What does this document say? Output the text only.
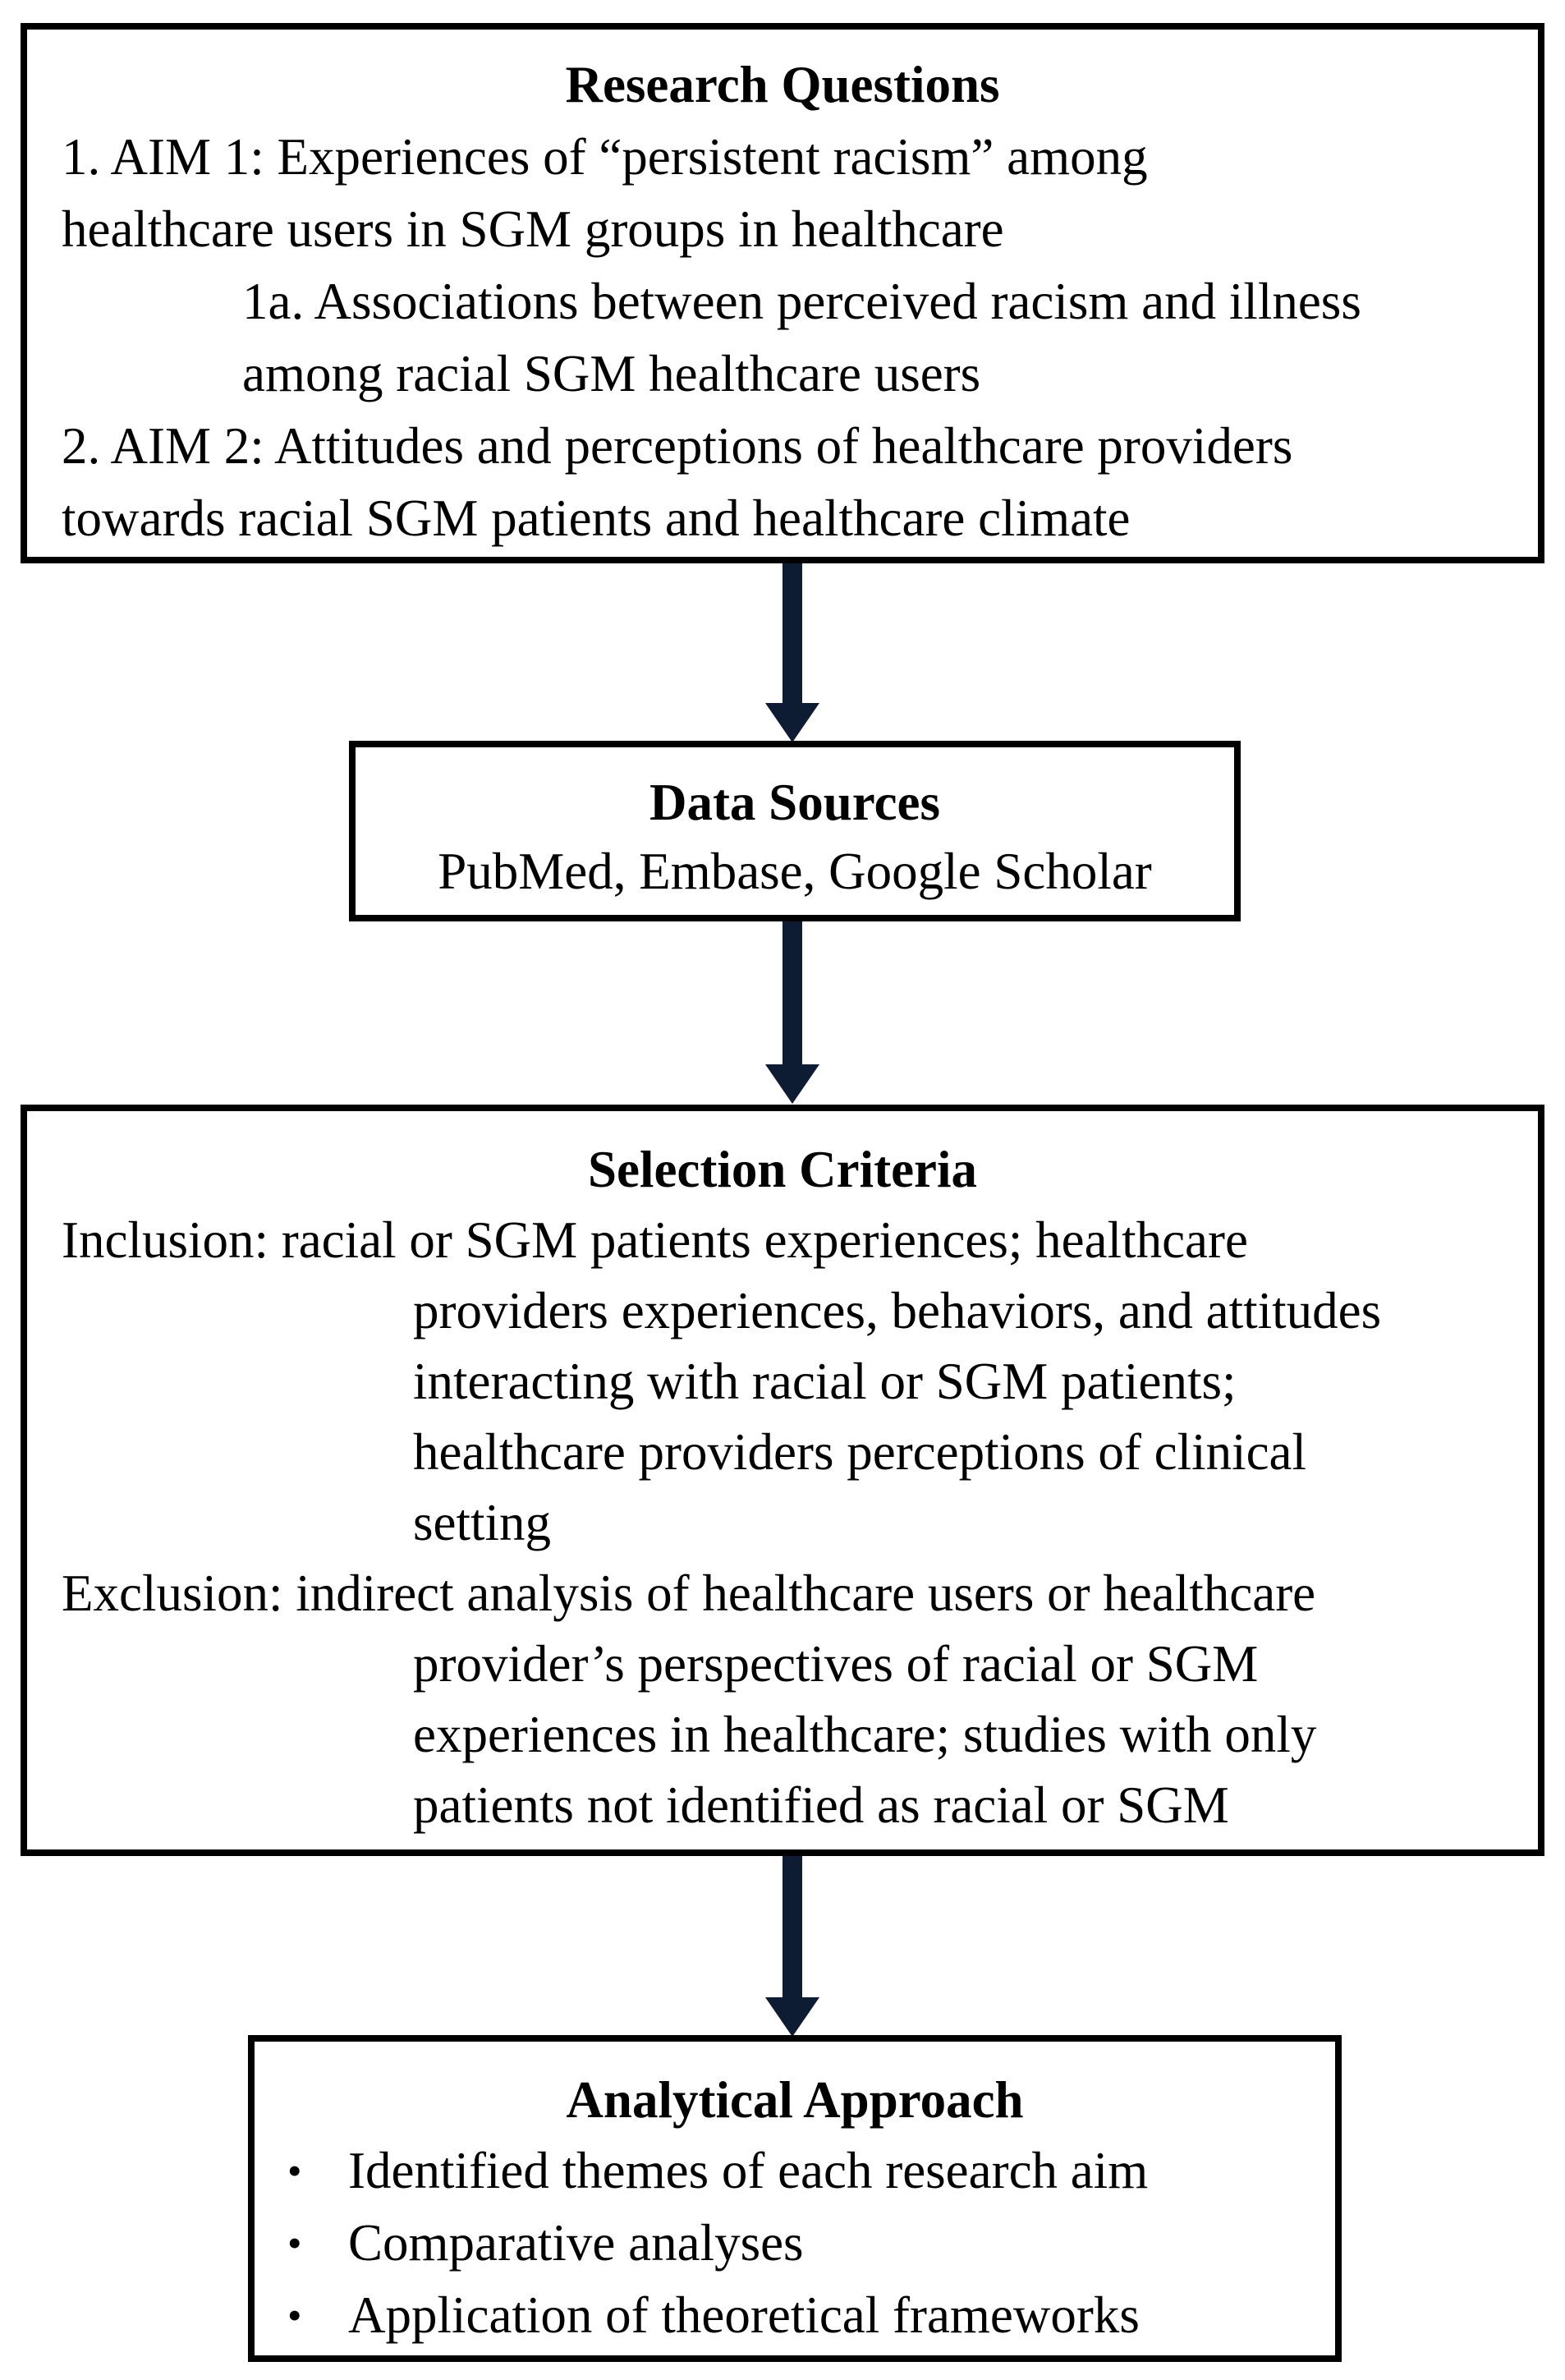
Research Questions
1. AIM 1: Experiences of “persistent racism” among
healthcare users in SGM groups in healthcare
1a. Associations between perceived racism and illness
among racial SGM healthcare users
2. AIM 2: Attitudes and perceptions of healthcare providers
towards racial SGM patients and healthcare climate
Data Sources
PubMed, Embase, Google Scholar
Selection Criteria
Inclusion: racial or SGM patients experiences; healthcare
providers experiences, behaviors, and attitudes
interacting with racial or SGM patients;
healthcare providers perceptions of clinical
setting
Exclusion: indirect analysis of healthcare users or healthcare
provider’s perspectives of racial or SGM
experiences in healthcare; studies with only
patients not identified as racial or SGM
Analytical Approach
• Identified themes of each research aim
• Comparative analyses
• Application of theoretical frameworks
